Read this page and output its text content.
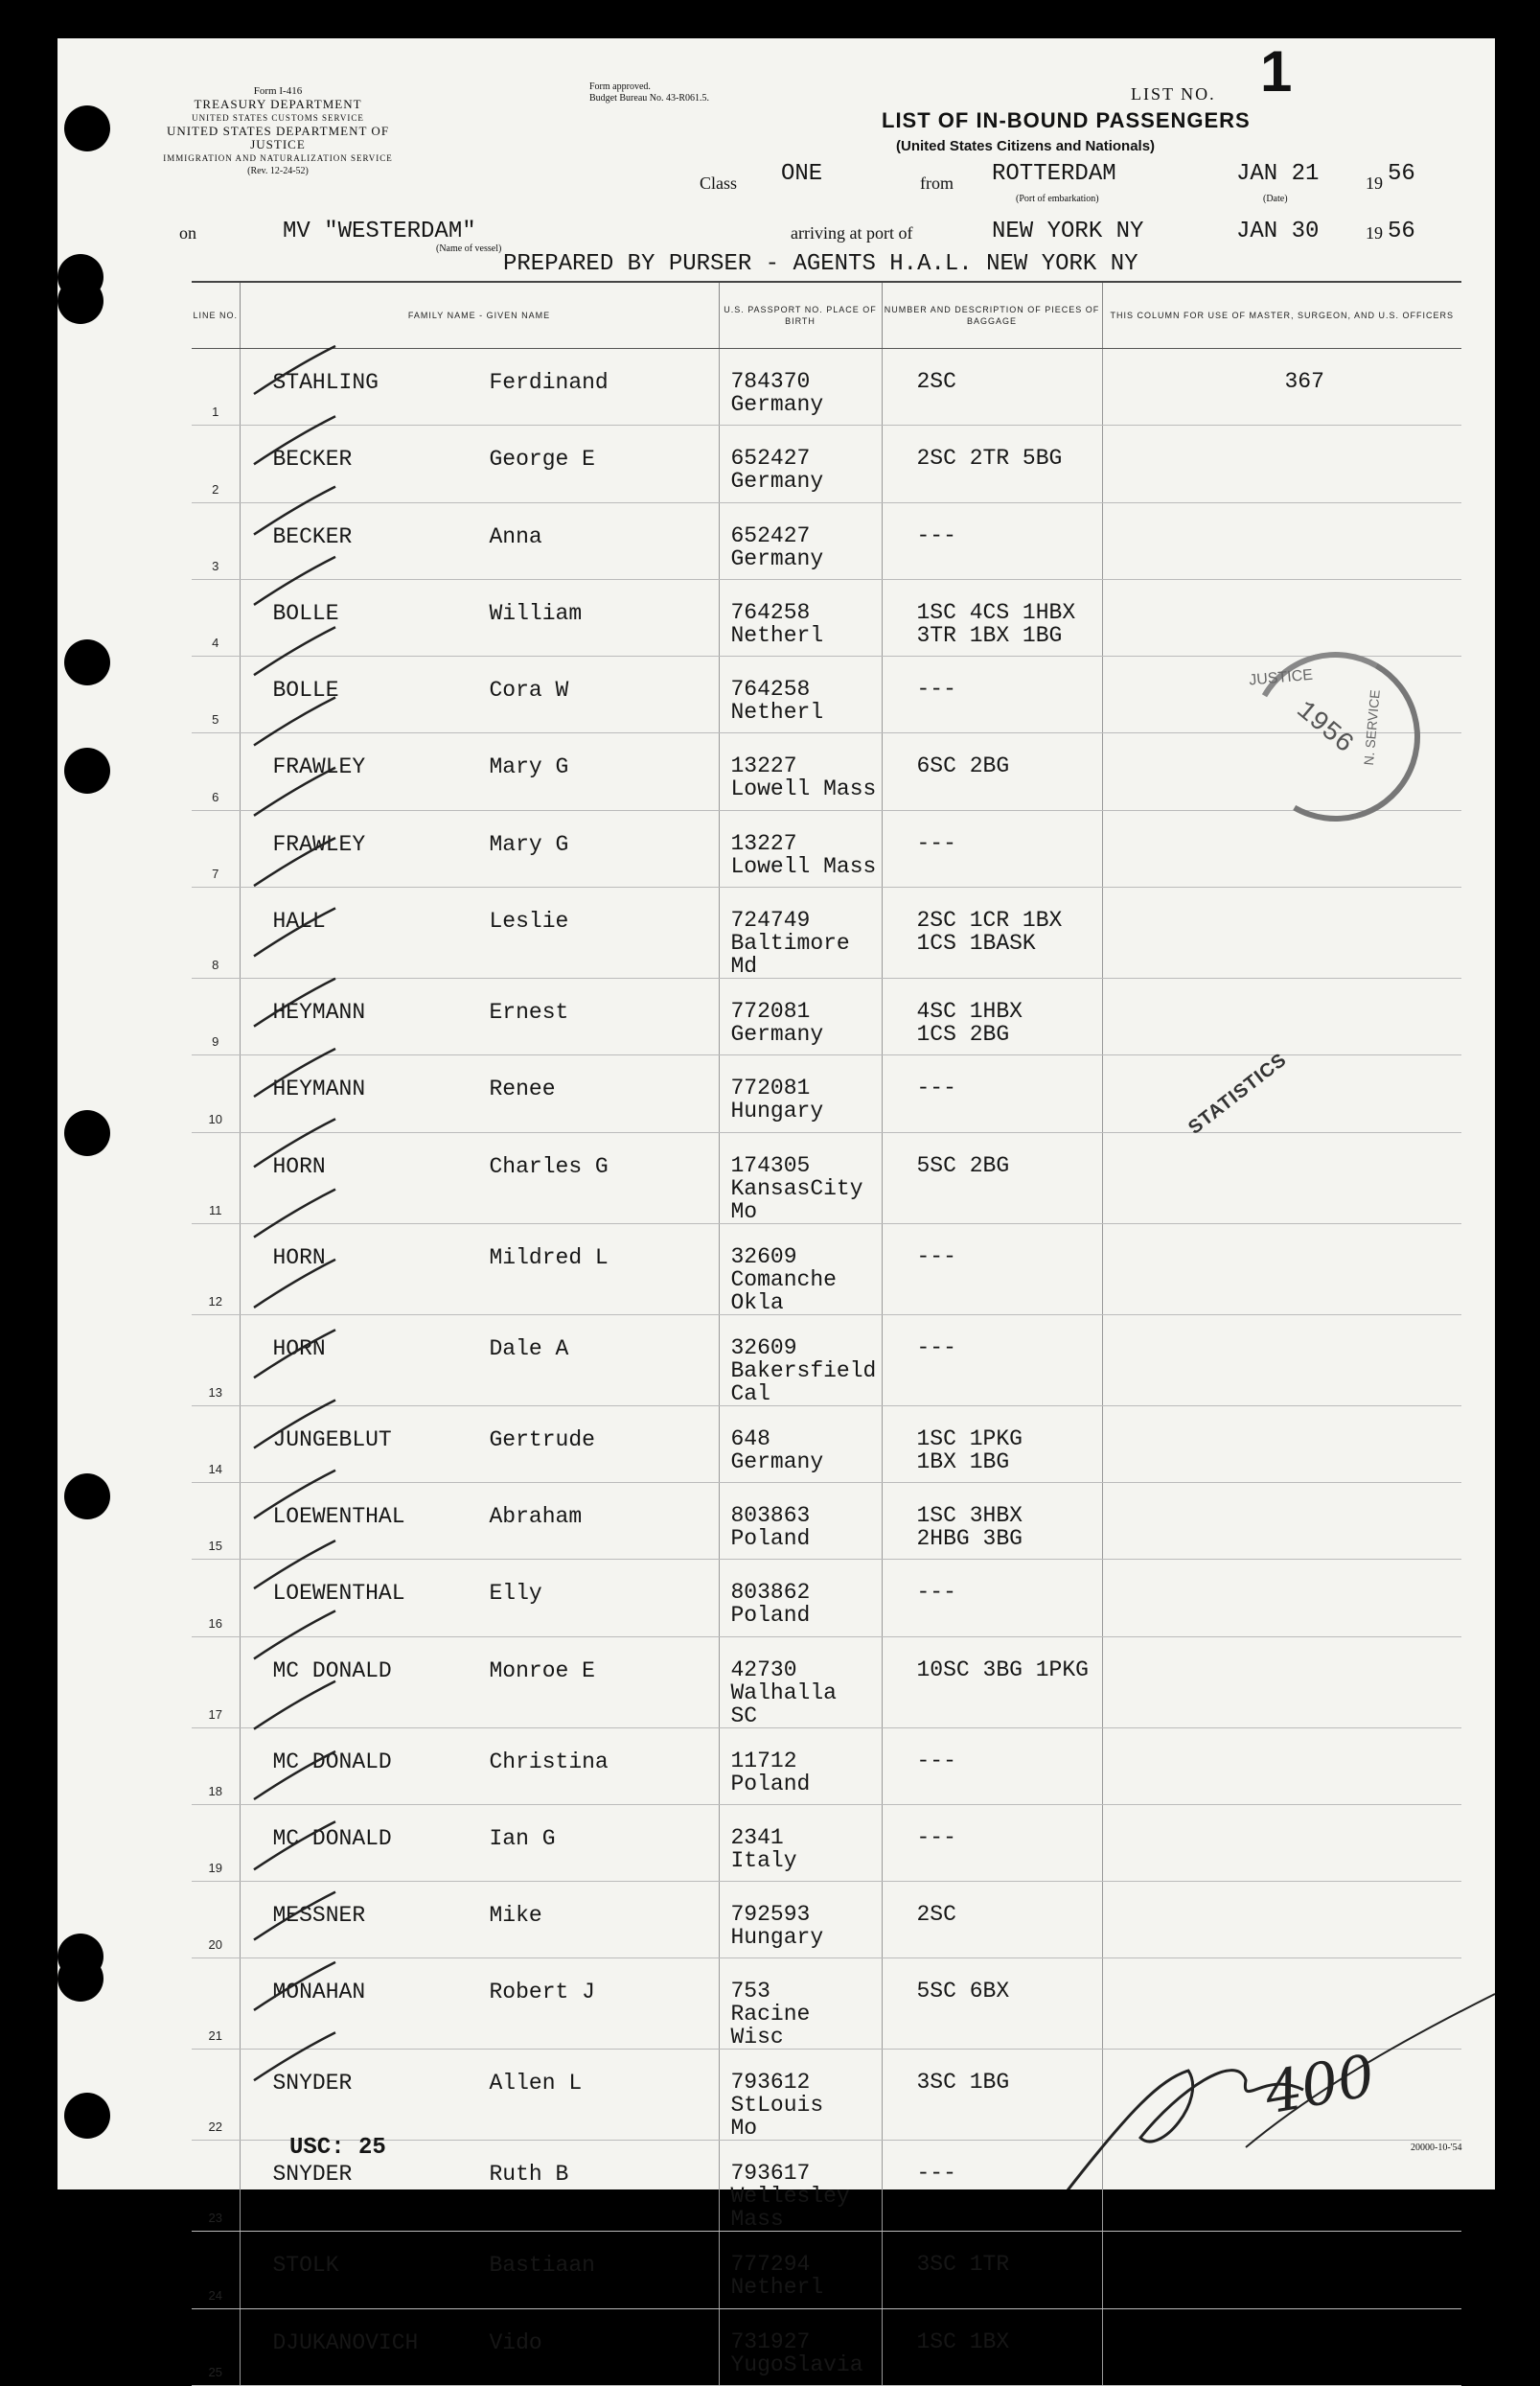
Form I-416
TREASURY DEPARTMENT
UNITED STATES CUSTOMS SERVICE
UNITED STATES DEPARTMENT OF JUSTICE
IMMIGRATION AND NATURALIZATION SERVICE
(Rev. 12-24-52)
Form approved.
Budget Bureau No. 43-R061.5.	LIST NO. 1
LIST OF IN-BOUND PASSENGERS
(United States Citizens and Nationals)
Class ONE	from ROTTERDAM
(Port of embarkation)
JAN 21
(Date)
19 56
on	MV "WESTERDAM"
(Name of vessel)
arriving at port of	NEW YORK NY	JAN 30	19 56
PREPARED BY PURSER - AGENTS H.A.L. NEW YORK NY
LINE NO.	FAMILY NAME - GIVEN NAME	U.S. PASSPORT NO. PLACE OF BIRTH	NUMBER AND DESCRIPTION OF PIECES OF BAGGAGE	THIS COLUMN FOR USE OF MASTER, SURGEON, AND U.S. OFFICERS
1	STAHLING Ferdinand	784370
Germany	2SC	367

2	BECKER George E	652427
Germany	2SC 2TR 5BG	

3	BECKER Anna	652427
Germany	---	

4	BOLLE William	764258
Netherl	1SC 4CS 1HBX
3TR 1BX 1BG	

5	BOLLE Cora W	764258
Netherl	---	

6	FRAWLEY Mary G	13227
Lowell Mass	6SC 2BG	

7	FRAWLEY Mary G	13227
Lowell Mass	---	

8	HALL Leslie	724749
Baltimore
Md	2SC 1CR 1BX
1CS 1BASK	

9	HEYMANN Ernest	772081
Germany	4SC 1HBX
1CS 2BG	

10	HEYMANN Renee	772081
Hungary	---	

11	HORN Charles G	174305
KansasCity
Mo	5SC 2BG	

12	HORN Mildred L	32609
Comanche
Okla	---	

13	HORN Dale A	32609
Bakersfield
Cal	---	

14	JUNGEBLUT Gertrude	648
Germany	1SC 1PKG
1BX 1BG	

15	LOEWENTHAL Abraham	803863
Poland	1SC 3HBX
2HBG 3BG	

16	LOEWENTHAL Elly	803862
Poland	---	

17	MC DONALD Monroe E	42730
Walhalla
SC	10SC 3BG 1PKG	

18	MC DONALD Christina	11712
Poland	---	

19	MC DONALD Ian G	2341
Italy	---	

20	MESSNER Mike	792593
Hungary	2SC	

21	MONAHAN Robert J	753
Racine
Wisc	5SC 6BX	

22	SNYDER Allen L	793612
StLouis
Mo	3SC 1BG	

23	SNYDER Ruth B	793617
Wellesley
Mass	---	

24	STOLK Bastiaan	777294
Netherl	3SC 1TR	

25	DJUKANOVICH Vido	731927
YugoSlavia	1SC 1BX	

1956
JUSTICE
N. SERVICE
STATISTICS
USC: 25	20000-10-'54
400
